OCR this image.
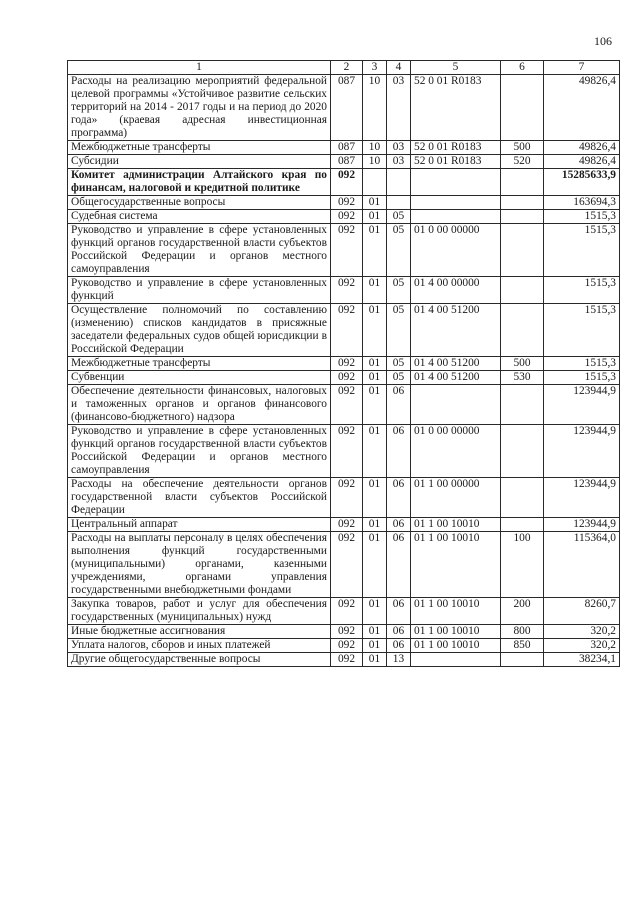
106
1	2	3	4	5	6	7
Расходы на реализацию мероприятий федеральной целевой программы «Устойчивое развитие сельских территорий на 2014 - 2017 годы и на период до 2020 года» (краевая адресная инвестиционная программа)	087	10	03	52 0 01 R0183		49826,4
Межбюджетные трансферты	087	10	03	52 0 01 R0183	500	49826,4
Субсидии	087	10	03	52 0 01 R0183	520	49826,4
Комитет администрации Алтайского края по финансам, налоговой и кредитной политике	092					15285633,9
Общегосударственные вопросы	092	01				163694,3
Судебная система	092	01	05			1515,3
Руководство и управление в сфере установленных функций органов государственной власти субъектов Российской Федерации и органов местного самоуправления	092	01	05	01 0 00 00000		1515,3
Руководство и управление в сфере установленных функций	092	01	05	01 4 00 00000		1515,3
Осуществление полномочий по составлению (изменению) списков кандидатов в присяжные заседатели федеральных судов общей юрисдикции в Российской Федерации	092	01	05	01 4 00 51200		1515,3
Межбюджетные трансферты	092	01	05	01 4 00 51200	500	1515,3
Субвенции	092	01	05	01 4 00 51200	530	1515,3
Обеспечение деятельности финансовых, налоговых и таможенных органов и органов финансового (финансово-бюджетного) надзора	092	01	06			123944,9
Руководство и управление в сфере установленных функций органов государственной власти субъектов Российской Федерации и органов местного самоуправления	092	01	06	01 0 00 00000		123944,9
Расходы на обеспечение деятельности органов государственной власти субъектов Российской Федерации	092	01	06	01 1 00 00000		123944,9
Центральный аппарат	092	01	06	01 1 00 10010		123944,9
Расходы на выплаты персоналу в целях обеспечения выполнения функций государственными (муниципальными) органами, казенными учреждениями, органами управления государственными внебюджетными фондами	092	01	06	01 1 00 10010	100	115364,0
Закупка товаров, работ и услуг для обеспечения государственных (муниципальных) нужд	092	01	06	01 1 00 10010	200	8260,7
Иные бюджетные ассигнования	092	01	06	01 1 00 10010	800	320,2
Уплата налогов, сборов и иных платежей	092	01	06	01 1 00 10010	850	320,2
Другие общегосударственные вопросы	092	01	13			38234,1
